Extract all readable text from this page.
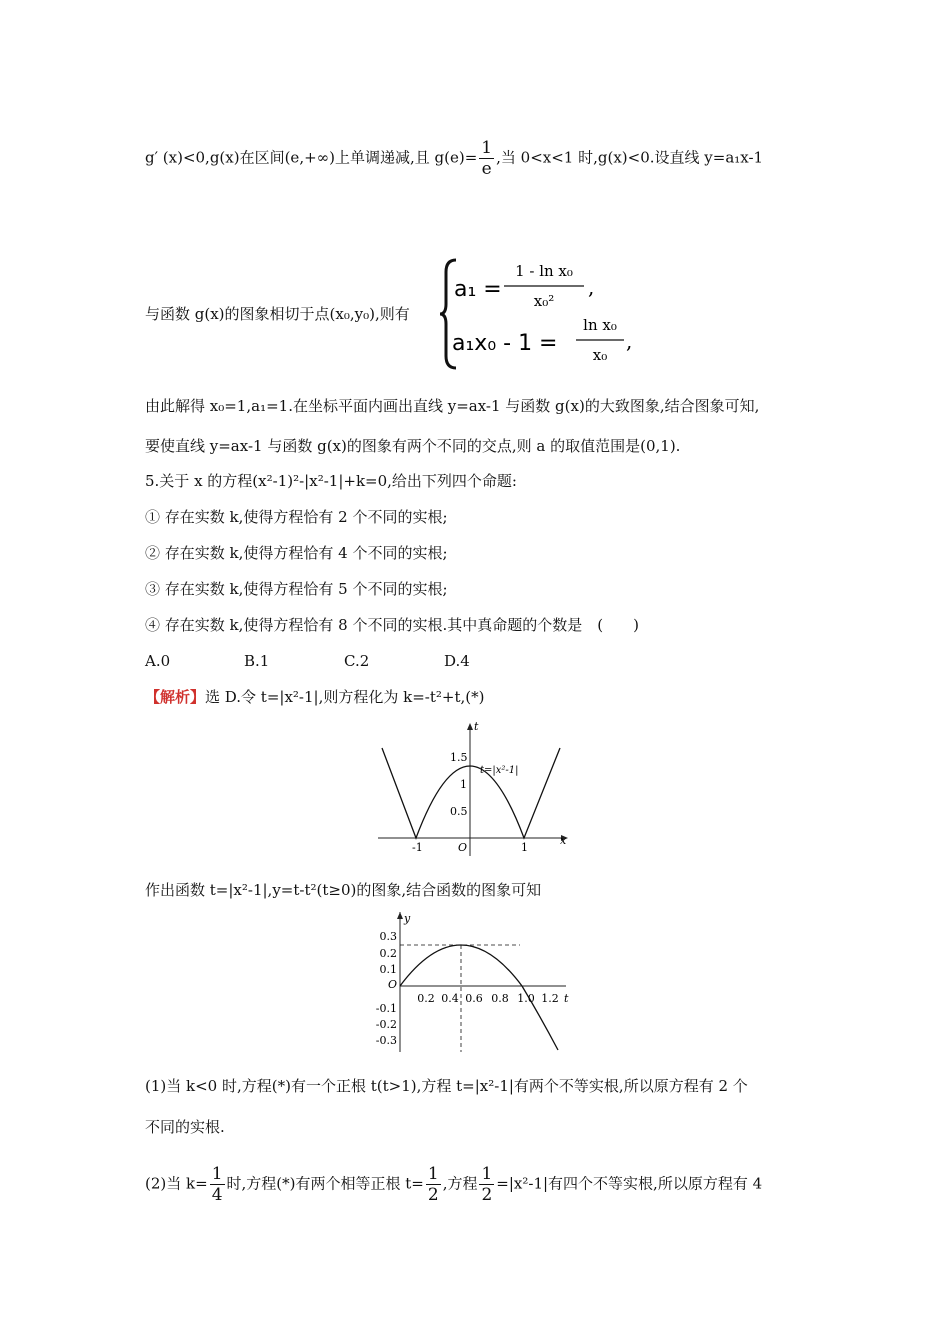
g′ (x)<0,g(x)在区间(e,+∞)上单调递减,且 $g(e)= \frac{1}{e}$ ,当 0<x<1 时,g(x)<0.设直线 y=a₁x-1
与函数 g(x)的图象相切于点(x₀,y₀),则有
a₁ =
1 - ln x₀
x₀²
,
a₁x₀ - 1 =
ln x₀
x₀
,
由此解得 x₀=1,a₁=1.在坐标平面内画出直线 y=ax-1 与函数 g(x)的大致图象,结合图象可知,
要使直线 y=ax-1 与函数 g(x)的图象有两个不同的交点,则 a 的取值范围是(0,1).
5.关于 x 的方程(x²-1)²-|x²-1|+k=0,给出下列四个命题:
① 存在实数 k,使得方程恰有 2 个不同的实根;
② 存在实数 k,使得方程恰有 4 个不同的实根;
③ 存在实数 k,使得方程恰有 5 个不同的实根;
④ 存在实数 k,使得方程恰有 8 个不同的实根.其中真命题的个数是　(　　)
A.0	B.1	C.2	D.4
【解析】选 D.令 t=|x²-1|,则方程化为 k=-t²+t,(*)
t
x
t=|x²-1|
1.5
1
0.5
-1	O	1
作出函数 t=|x²-1|,y=t-t²(t≥0)的图象,结合函数的图象可知
y
t
0.3
0.2
0.1
O
-0.1
-0.2
-0.3
0.2 0.4 0.6 0.8 1.0 1.2
(1)当 k<0 时,方程(*)有一个正根 t(t>1),方程 t=|x²-1|有两个不等实根,所以原方程有 2 个
不同的实根.
(2)当 $k= \frac{1}{4}$ 时,方程(*)有两个相等正根 $t= \frac{1}{2}$ ,方程 $\frac{1}{2} =|x^2-1|$有四个不等实根,所以原方程有 4
